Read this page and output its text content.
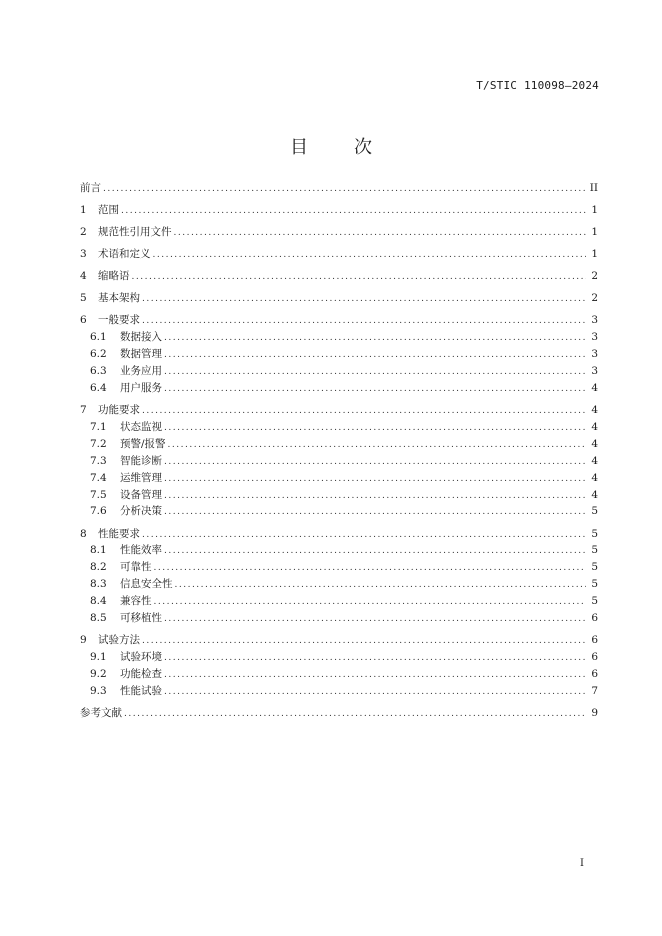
T/STIC 110098—2024
目	次
前言 .....	II
1	范围 .....	1
2	规范性引用文件 .....	1
3	术语和定义 .....	1
4	缩略语 .....	2
5	基本架构 .....	2
6	一般要求 .....	3
6.1	数据接入 .....	3
6.2	数据管理 .....	3
6.3	业务应用 .....	3
6.4	用户服务 .....	4
7	功能要求 .....	4
7.1	状态监视 .....	4
7.2	预警/报警 .....	4
7.3	智能诊断 .....	4
7.4	运维管理 .....	4
7.5	设备管理 .....	4
7.6	分析决策 .....	5
8	性能要求 .....	5
8.1	性能效率 .....	5
8.2	可靠性 .....	5
8.3	信息安全性 .....	5
8.4	兼容性 .....	5
8.5	可移植性 .....	6
9	试验方法 .....	6
9.1	试验环境 .....	6
9.2	功能检查 .....	6
9.3	性能试验 .....	7
参考文献 .....	9
I
